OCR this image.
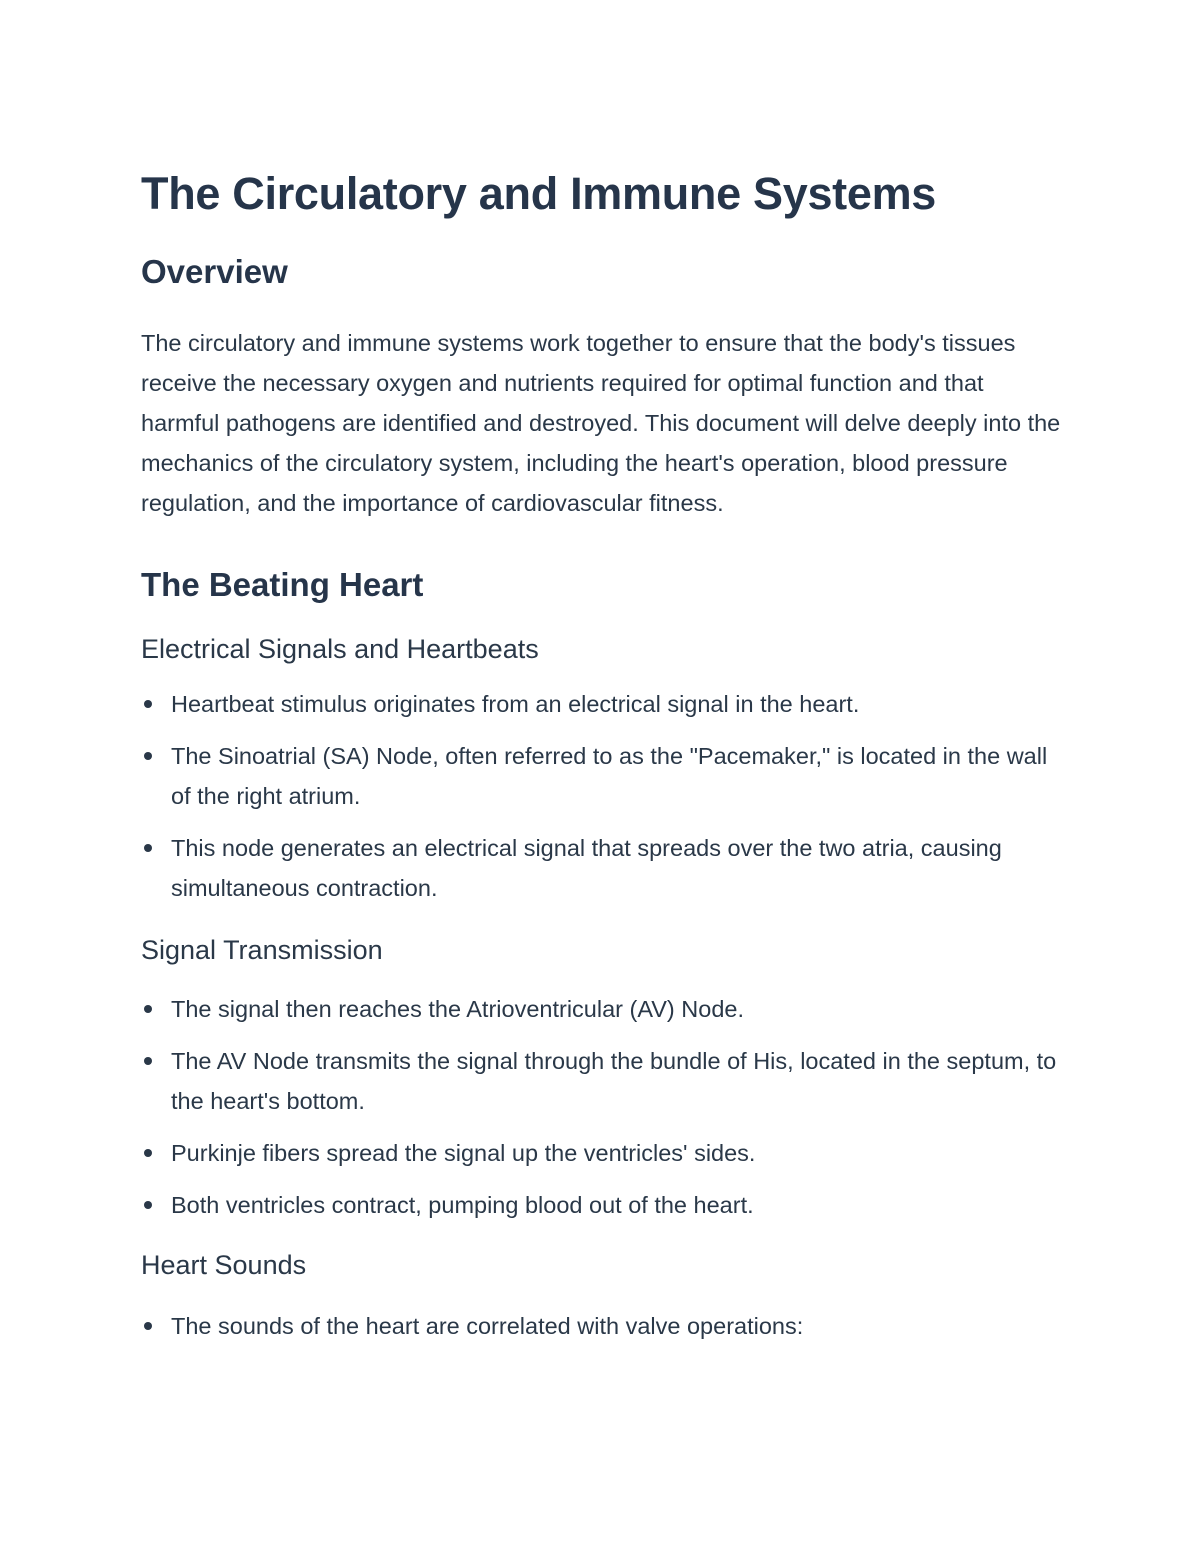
The Circulatory and Immune Systems
Overview

The circulatory and immune systems work together to ensure that the body's tissues receive the necessary oxygen and nutrients required for optimal function and that harmful pathogens are identified and destroyed. This document will delve deeply into the mechanics of the circulatory system, including the heart's operation, blood pressure regulation, and the importance of cardiovascular fitness.

The Beating Heart
Electrical Signals and Heartbeats
Heartbeat stimulus originates from an electrical signal in the heart.
The Sinoatrial (SA) Node, often referred to as the "Pacemaker," is located in the wall of the right atrium.
This node generates an electrical signal that spreads over the two atria, causing simultaneous contraction.
Signal Transmission
The signal then reaches the Atrioventricular (AV) Node.
The AV Node transmits the signal through the bundle of His, located in the septum, to the heart's bottom.
Purkinje fibers spread the signal up the ventricles' sides.
Both ventricles contract, pumping blood out of the heart.
Heart Sounds
The sounds of the heart are correlated with valve operations:
